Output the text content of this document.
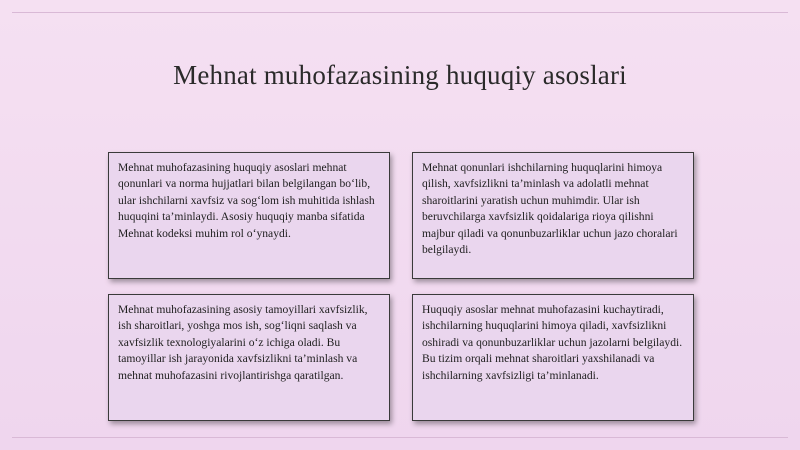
Mehnat muhofazasining huquqiy asoslari
Mehnat muhofazasining huquqiy asoslari mehnat qonunlari va norma hujjatlari bilan belgilangan bo‘lib, ular ishchilarni xavfsiz va sog‘lom ish muhitida ishlash huquqini ta’minlaydi. Asosiy huquqiy manba sifatida Mehnat kodeksi muhim rol o‘ynaydi.
Mehnat qonunlari ishchilarning huquqlarini himoya qilish, xavfsizlikni ta’minlash va adolatli mehnat sharoitlarini yaratish uchun muhimdir. Ular ish beruvchilarga xavfsizlik qoidalariga rioya qilishni majbur qiladi va qonunbuzarliklar uchun jazo choralari belgilaydi.
Mehnat muhofazasining asosiy tamoyillari xavfsizlik, ish sharoitlari, yoshga mos ish, sog‘liqni saqlash va xavfsizlik texnologiyalarini o‘z ichiga oladi. Bu tamoyillar ish jarayonida xavfsizlikni ta’minlash va mehnat muhofazasini rivojlantirishga qaratilgan.
Huquqiy asoslar mehnat muhofazasini kuchaytiradi, ishchilarning huquqlarini himoya qiladi, xavfsizlikni oshiradi va qonunbuzarliklar uchun jazolarni belgilaydi. Bu tizim orqali mehnat sharoitlari yaxshilanadi va ishchilarning xavfsizligi ta’minlanadi.
